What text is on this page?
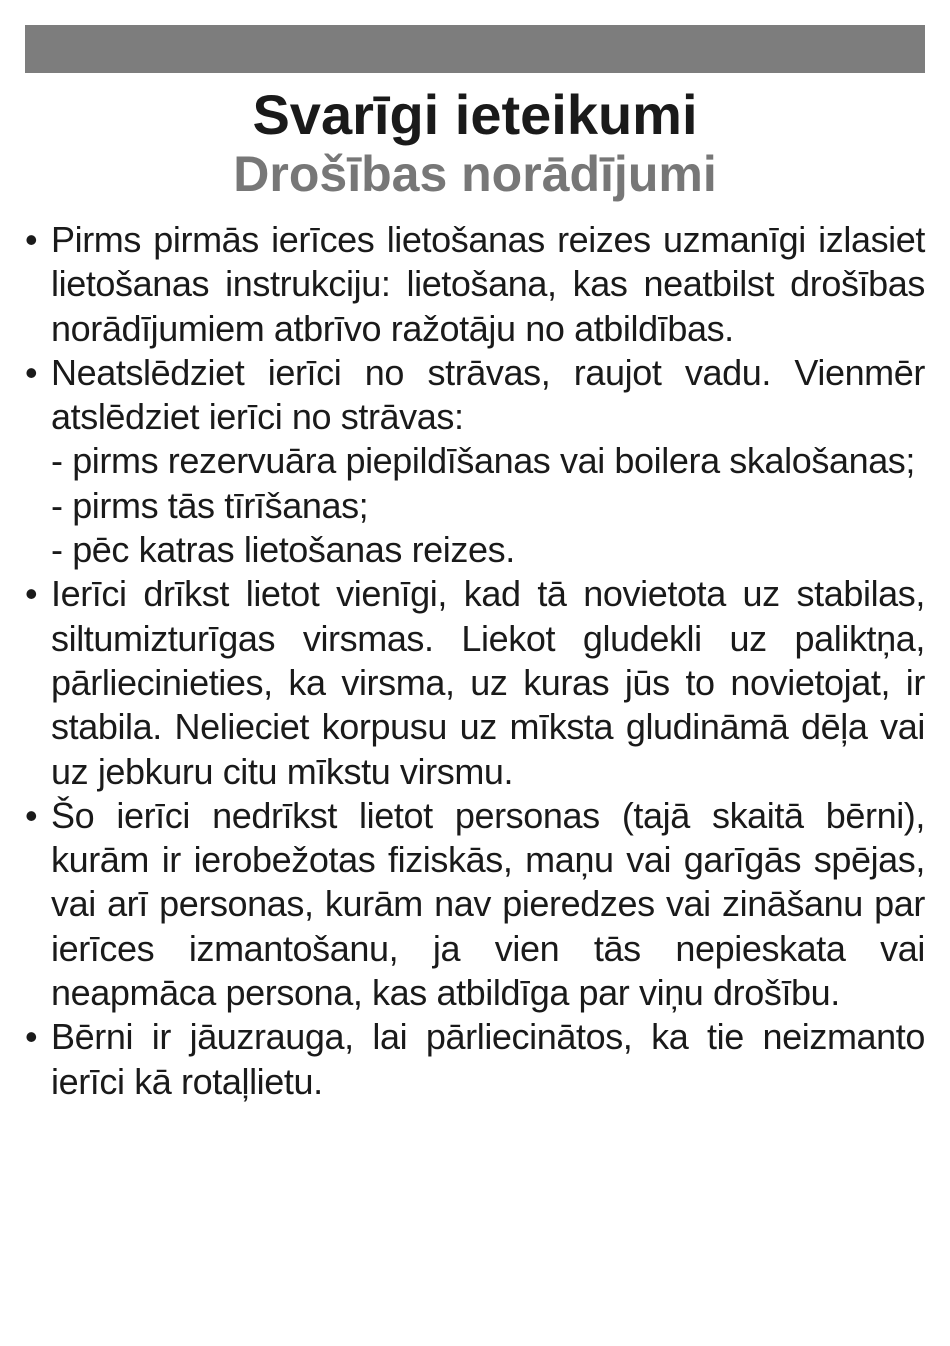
Svarīgi ieteikumi
Drošības norādījumi
• Pirms pirmās ierīces lietošanas reizes uzmanīgi izlasiet lietošanas instrukciju: lietošana, kas neatbilst drošības norādījumiem atbrīvo ražotāju no atbildības.
• Neatslēdziet ierīci no strāvas, raujot vadu. Vienmēr atslēdziet ierīci no strāvas:
- pirms rezervuāra piepildīšanas vai boilera skalošanas;
- pirms tās tīrīšanas;
- pēc katras lietošanas reizes.
• Ierīci drīkst lietot vienīgi, kad tā novietota uz stabilas, siltumizturīgas virsmas. Liekot gludekli uz paliktņa, pārliecinieties, ka virsma, uz kuras jūs to novietojat, ir stabila. Nelieciet korpusu uz mīksta gludināmā dēļa vai uz jebkuru citu mīkstu virsmu.
• Šo ierīci nedrīkst lietot personas (tajā skaitā bērni), kurām ir ierobežotas fiziskās, maņu vai garīgās spējas, vai arī personas, kurām nav pieredzes vai zināšanu par ierīces izmantošanu, ja vien tās nepieskata vai neapmāca persona, kas atbildīga par viņu drošību.
• Bērni ir jāuzrauga, lai pārliecinātos, ka tie neizmanto ierīci kā rotaļlietu.
